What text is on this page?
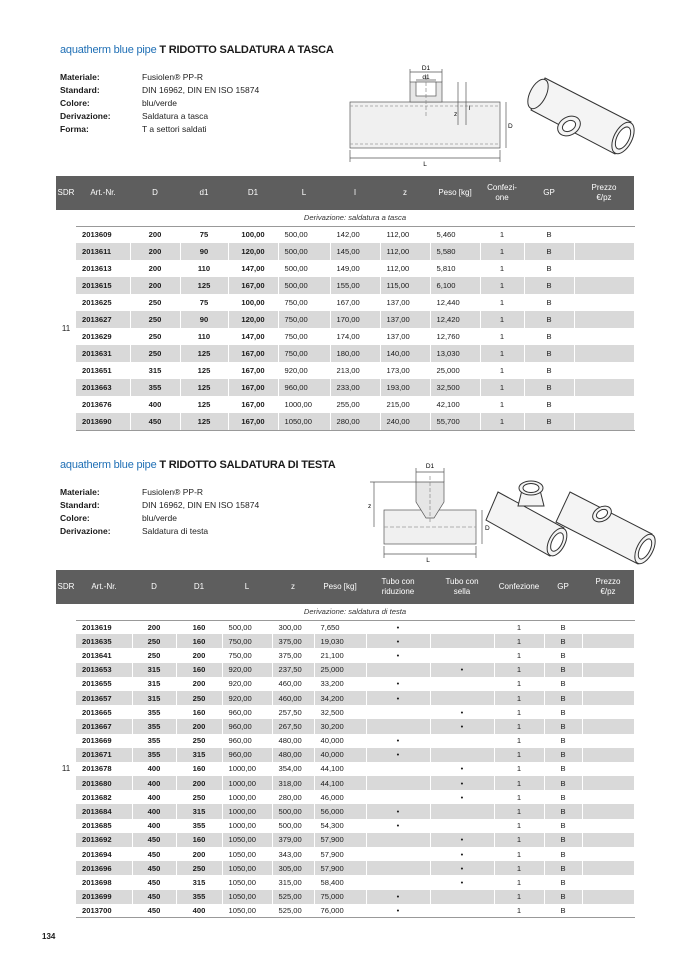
aquatherm blue pipe T RIDOTTO SALDATURA A TASCA
Materiale:	Fusiolen® PP-R
Standard:	DIN 16962, DIN EN ISO 15874
Colore:	blu/verde
Derivazione:	Saldatura a tasca
Forma:	T a settori saldati
D1
d1
z
l
D
L
SDR	Art.-Nr.	D	d1	D1	L	l	z	Peso [kg]	Confezi-
one	GP	Prezzo
€/pz
	Derivazione: saldatura a tasca										
11	2013609	200	75	100,00	500,00	142,00	112,00	5,460	1	B	
	2013611	200	90	120,00	500,00	145,00	112,00	5,580	1	B	
	2013613	200	110	147,00	500,00	149,00	112,00	5,810	1	B	
	2013615	200	125	167,00	500,00	155,00	115,00	6,100	1	B	
	2013625	250	75	100,00	750,00	167,00	137,00	12,440	1	B	
	2013627	250	90	120,00	750,00	170,00	137,00	12,420	1	B	
	2013629	250	110	147,00	750,00	174,00	137,00	12,760	1	B	
	2013631	250	125	167,00	750,00	180,00	140,00	13,030	1	B	
	2013651	315	125	167,00	920,00	213,00	173,00	25,000	1	B	
	2013663	355	125	167,00	960,00	233,00	193,00	32,500	1	B	
	2013676	400	125	167,00	1000,00	255,00	215,00	42,100	1	B	
	2013690	450	125	167,00	1050,00	280,00	240,00	55,700	1	B	
aquatherm blue pipe T RIDOTTO SALDATURA DI TESTA
Materiale:	Fusiolen® PP-R
Standard:	DIN 16962, DIN EN ISO 15874
Colore:	blu/verde
Derivazione:	Saldatura di testa
D1
z
D
L
SDR	Art.-Nr.	D	D1	L	z	Peso [kg]	Tubo con
riduzione	Tubo con
sella	Confezione	GP	Prezzo
€/pz
	Derivazione: saldatura di testa										
11	2013619	200	160	500,00	300,00	7,650	•		1	B	
	2013635	250	160	750,00	375,00	19,030	•		1	B	
	2013641	250	200	750,00	375,00	21,100	•		1	B	
	2013653	315	160	920,00	237,50	25,000		•	1	B	
	2013655	315	200	920,00	460,00	33,200	•		1	B	
	2013657	315	250	920,00	460,00	34,200	•		1	B	
	2013665	355	160	960,00	257,50	32,500		•	1	B	
	2013667	355	200	960,00	267,50	30,200		•	1	B	
	2013669	355	250	960,00	480,00	40,000	•		1	B	
	2013671	355	315	960,00	480,00	40,000	•		1	B	
	2013678	400	160	1000,00	354,00	44,100		•	1	B	
	2013680	400	200	1000,00	318,00	44,100		•	1	B	
	2013682	400	250	1000,00	280,00	46,000		•	1	B	
	2013684	400	315	1000,00	500,00	56,000	•		1	B	
	2013685	400	355	1000,00	500,00	54,300	•		1	B	
	2013692	450	160	1050,00	379,00	57,900		•	1	B	
	2013694	450	200	1050,00	343,00	57,900		•	1	B	
	2013696	450	250	1050,00	305,00	57,900		•	1	B	
	2013698	450	315	1050,00	315,00	58,400		•	1	B	
	2013699	450	355	1050,00	525,00	75,000	•		1	B	
	2013700	450	400	1050,00	525,00	76,000	•		1	B	
134
